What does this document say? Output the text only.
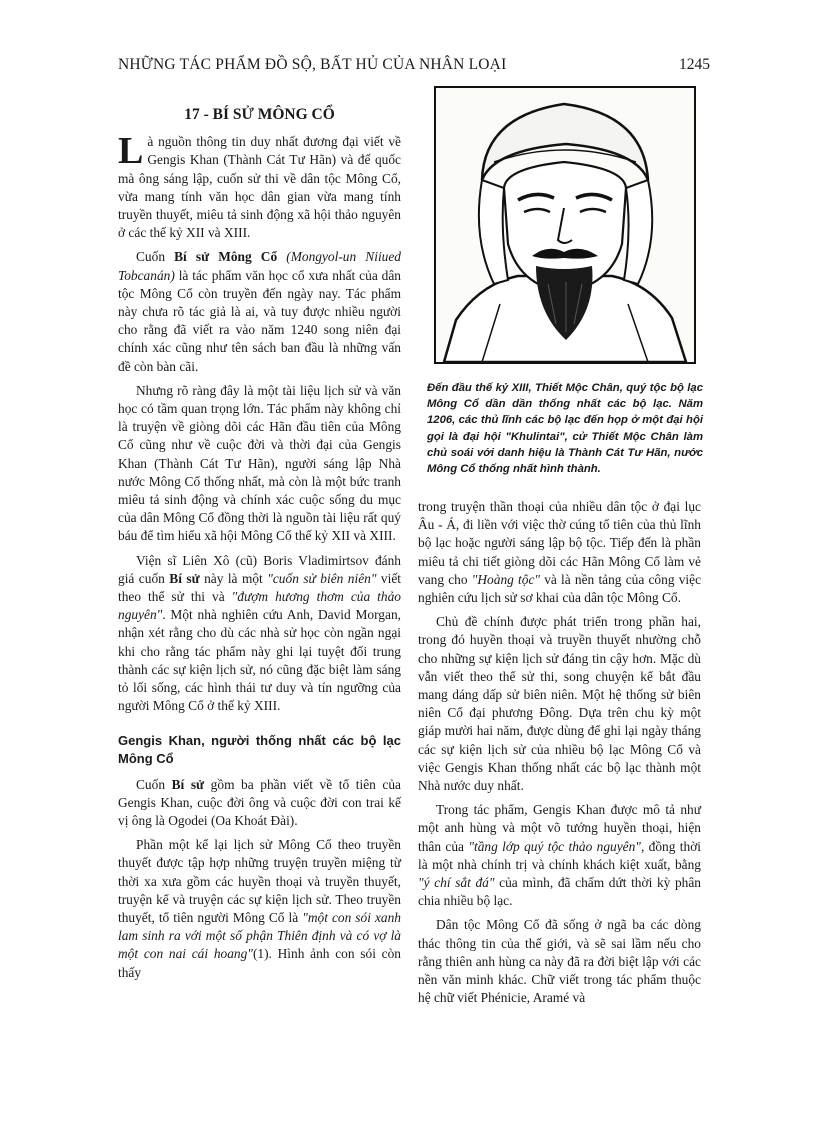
NHỮNG TÁC PHẨM ĐỒ SỘ, BẤT HỦ CỦA NHÂN LOẠI	1245
Đến đầu thế kỷ XIII, Thiết Mộc Chân, quý tộc bộ lạc Mông Cổ dần dần thống nhất các bộ lạc. Năm 1206, các thủ lĩnh các bộ lạc đến họp ở một đại hội gọi là đại hội "Khulintai", cử Thiết Mộc Chân làm chủ soái với danh hiệu là Thành Cát Tư Hãn, nước Mông Cổ thống nhất hình thành.
17 - BÍ SỬ MÔNG CỔ

Là nguồn thông tin duy nhất đương đại viết về Gengis Khan (Thành Cát Tư Hãn) và đế quốc mà ông sáng lập, cuốn sử thi về dân tộc Mông Cổ, vừa mang tính văn học dân gian vừa mang tính truyền thuyết, miêu tả sinh động xã hội thảo nguyên ở các thế kỷ XII và XIII.

Cuốn Bí sử Mông Cổ (Mongyol-un Niiued Tobcanán) là tác phẩm văn học cổ xưa nhất của dân tộc Mông Cổ còn truyền đến ngày nay. Tác phẩm này chưa rõ tác giả là ai, và tuy được nhiều người cho rằng đã viết ra vào năm 1240 song niên đại chính xác cũng như tên sách ban đầu là những vấn đề còn bàn cãi.

Nhưng rõ ràng đây là một tài liệu lịch sử và văn học có tầm quan trọng lớn. Tác phẩm này không chỉ là truyện về giòng dõi các Hãn đầu tiên của Mông Cổ cũng như về cuộc đời và thời đại của Gengis Khan (Thành Cát Tư Hãn), người sáng lập Nhà nước Mông Cổ thống nhất, mà còn là một bức tranh miêu tả sinh động và chính xác cuộc sống du mục của dân Mông Cổ đồng thời là nguồn tài liệu rất quý báu để tìm hiểu xã hội Mông Cổ thế kỷ XII và XIII.

Viện sĩ Liên Xô (cũ) Boris Vladimirtsov đánh giá cuốn Bí sử này là một "cuốn sử biên niên" viết theo thể sử thi và "đượm hương thơm của thảo nguyên". Một nhà nghiên cứu Anh, David Morgan, nhận xét rằng cho dù các nhà sử học còn ngần ngại khi cho rằng tác phẩm này ghi lại tuyệt đối trung thành các sự kiện lịch sử, nó cũng đặc biệt làm sáng tỏ lối sống, các hình thái tư duy và tín ngưỡng của người Mông Cổ ở thế kỷ XIII.

Gengis Khan, người thống nhất các bộ lạc Mông Cổ

Cuốn Bí sử gồm ba phần viết về tổ tiên của Gengis Khan, cuộc đời ông và cuộc đời con trai kế vị ông là Ogodei (Oa Khoát Đài).

Phần một kể lại lịch sử Mông Cổ theo truyền thuyết được tập hợp những truyện truyền miệng từ thời xa xưa gồm các huyền thoại và truyền thuyết, truyện kể và truyện các sự kiện lịch sử. Theo truyền thuyết, tổ tiên người Mông Cổ là "một con sói xanh lam sinh ra với một số phận Thiên định và có vợ là một con nai cái hoang"(1). Hình ảnh con sói còn thấy

trong truyện thần thoại của nhiều dân tộc ở đại lục Âu - Á, đi liền với việc thờ cúng tổ tiên của thủ lĩnh bộ lạc hoặc người sáng lập bộ tộc. Tiếp đến là phần miêu tả chi tiết giòng dõi các Hãn Mông Cổ làm vẻ vang cho "Hoàng tộc" và là nền tảng của công việc nghiên cứu lịch sử sơ khai của dân tộc Mông Cổ.

Chủ đề chính được phát triển trong phần hai, trong đó huyền thoại và truyền thuyết nhường chỗ cho những sự kiện lịch sử đáng tin cậy hơn. Mặc dù vẫn viết theo thể sử thi, song chuyện kể bắt đầu mang dáng dấp sử biên niên. Một hệ thống sử biên niên Cổ đại phương Đông. Dựa trên chu kỳ một giáp mười hai năm, được dùng để ghi lại ngày tháng các sự kiện lịch sử của nhiều bộ lạc Mông Cổ và việc Gengis Khan thống nhất các bộ lạc thành một Nhà nước duy nhất.

Trong tác phẩm, Gengis Khan được mô tả như một anh hùng và một võ tướng huyền thoại, hiện thân của "tầng lớp quý tộc thảo nguyên", đồng thời là một nhà chính trị và chính khách kiệt xuất, bằng "ý chí sắt đá" của mình, đã chấm dứt thời kỳ phân chia nhiều bộ lạc.

Dân tộc Mông Cổ đã sống ở ngã ba các dòng thác thông tin của thế giới, và sẽ sai lầm nếu cho rằng thiên anh hùng ca này đã ra đời biệt lập với các nền văn minh khác. Chữ viết trong tác phẩm thuộc hệ chữ viết Phénicie, Aramé và
